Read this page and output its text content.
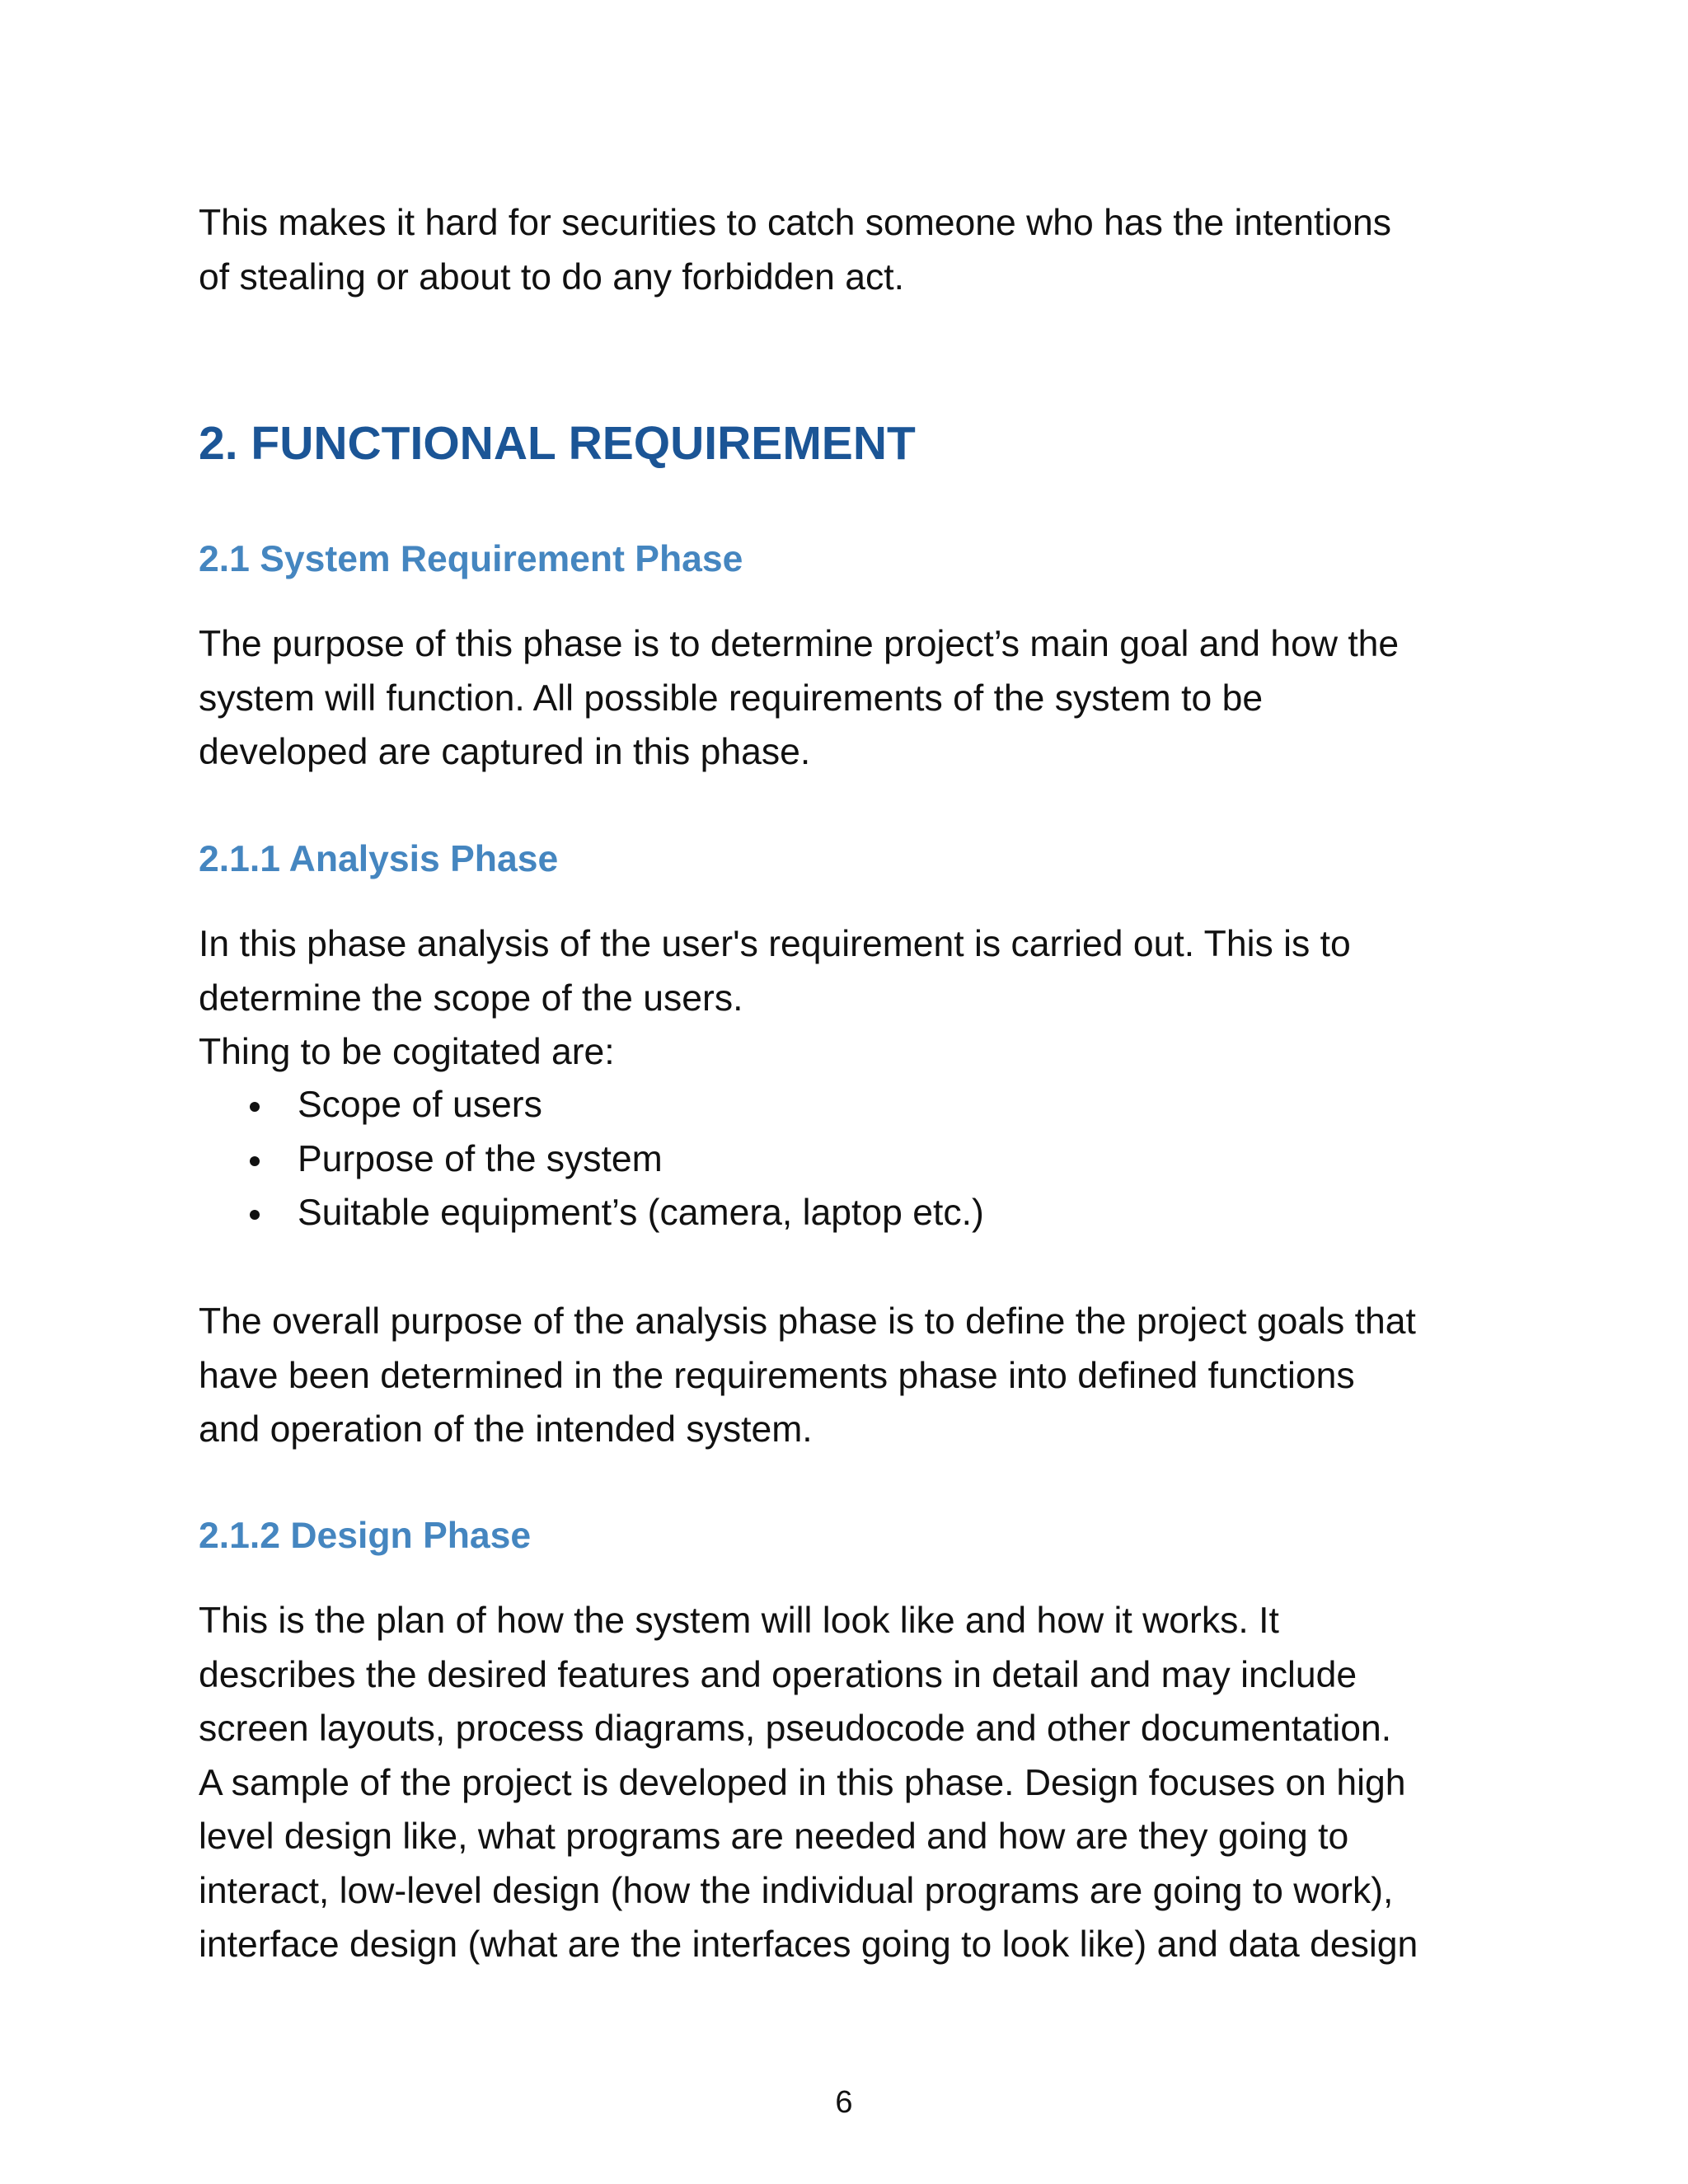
This makes it hard for securities to catch someone who has the intentions
of stealing or about to do any forbidden act.

2. FUNCTIONAL REQUIREMENT
2.1 System Requirement Phase

The purpose of this phase is to determine project’s main goal and how the
system will function. All possible requirements of the system to be
developed are captured in this phase.

2.1.1 Analysis Phase

In this phase analysis of the user's requirement is carried out. This is to
determine the scope of the users.
Thing to be cogitated are:

Scope of users
Purpose of the system
Suitable equipment’s (camera, laptop etc.)

The overall purpose of the analysis phase is to define the project goals that
have been determined in the requirements phase into defined functions
and operation of the intended system.

2.1.2 Design Phase

This is the plan of how the system will look like and how it works. It
describes the desired features and operations in detail and may include
screen layouts, process diagrams, pseudocode and other documentation.
A sample of the project is developed in this phase. Design focuses on high
level design like, what programs are needed and how are they going to
interact, low-level design (how the individual programs are going to work),
interface design (what are the interfaces going to look like) and data design

6
